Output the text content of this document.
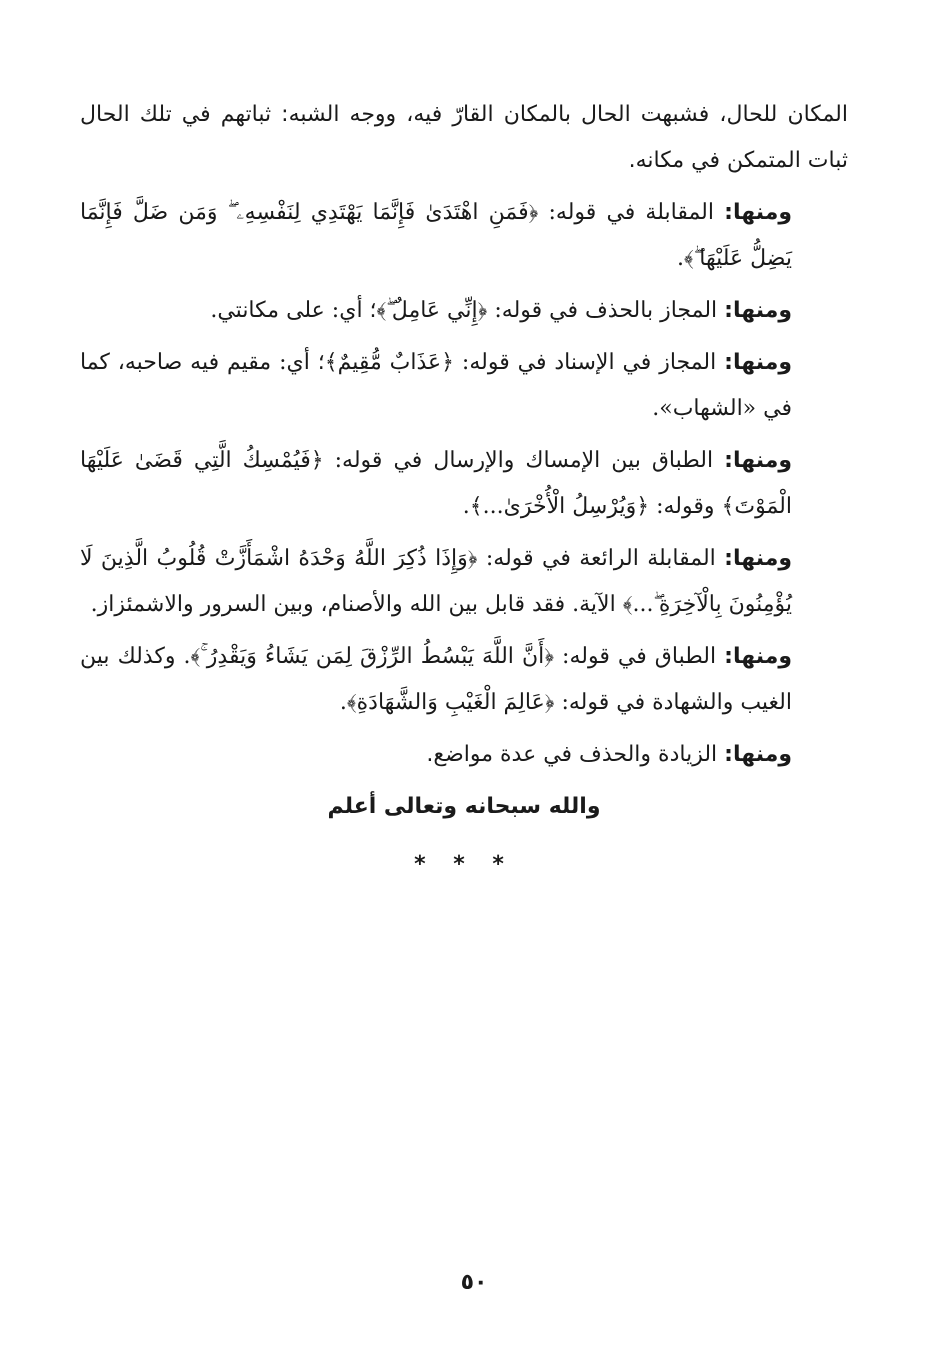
المكان للحال، فشبهت الحال بالمكان القارّ فيه، ووجه الشبه: ثباتهم في تلك الحال ثبات المتمكن في مكانه.

ومنها: المقابلة في قوله: ﴿فَمَنِ اهْتَدَىٰ فَإِنَّمَا يَهْتَدِي لِنَفْسِهِۦ ۖ وَمَن ضَلَّ فَإِنَّمَا يَضِلُّ عَلَيْهَا ۖ﴾.

ومنها: المجاز بالحذف في قوله: ﴿إِنِّي عَامِلٌ ۖ﴾؛ أي: على مكانتي.

ومنها: المجاز في الإسناد في قوله: ﴿عَذَابٌ مُّقِيمٌ﴾؛ أي: مقيم فيه صاحبه، كما في «الشهاب».

ومنها: الطباق بين الإمساك والإرسال في قوله: ﴿فَيُمْسِكُ الَّتِي قَضَىٰ عَلَيْهَا الْمَوْتَ﴾ وقوله: ﴿وَيُرْسِلُ الْأُخْرَىٰ...﴾.

ومنها: المقابلة الرائعة في قوله: ﴿وَإِذَا ذُكِرَ اللَّهُ وَحْدَهُ اشْمَأَزَّتْ قُلُوبُ الَّذِينَ لَا يُؤْمِنُونَ بِالْآخِرَةِ ۖ...﴾ الآية. فقد قابل بين الله والأصنام، وبين السرور والاشمئزاز.

ومنها: الطباق في قوله: ﴿أَنَّ اللَّهَ يَبْسُطُ الرِّزْقَ لِمَن يَشَاءُ وَيَقْدِرُ ۚ﴾. وكذلك بين الغيب والشهادة في قوله: ﴿عَالِمَ الْغَيْبِ وَالشَّهَادَةِ﴾.

ومنها: الزيادة والحذف في عدة مواضع.

والله سبحانه وتعالى أعلم

* * *
٥٠
